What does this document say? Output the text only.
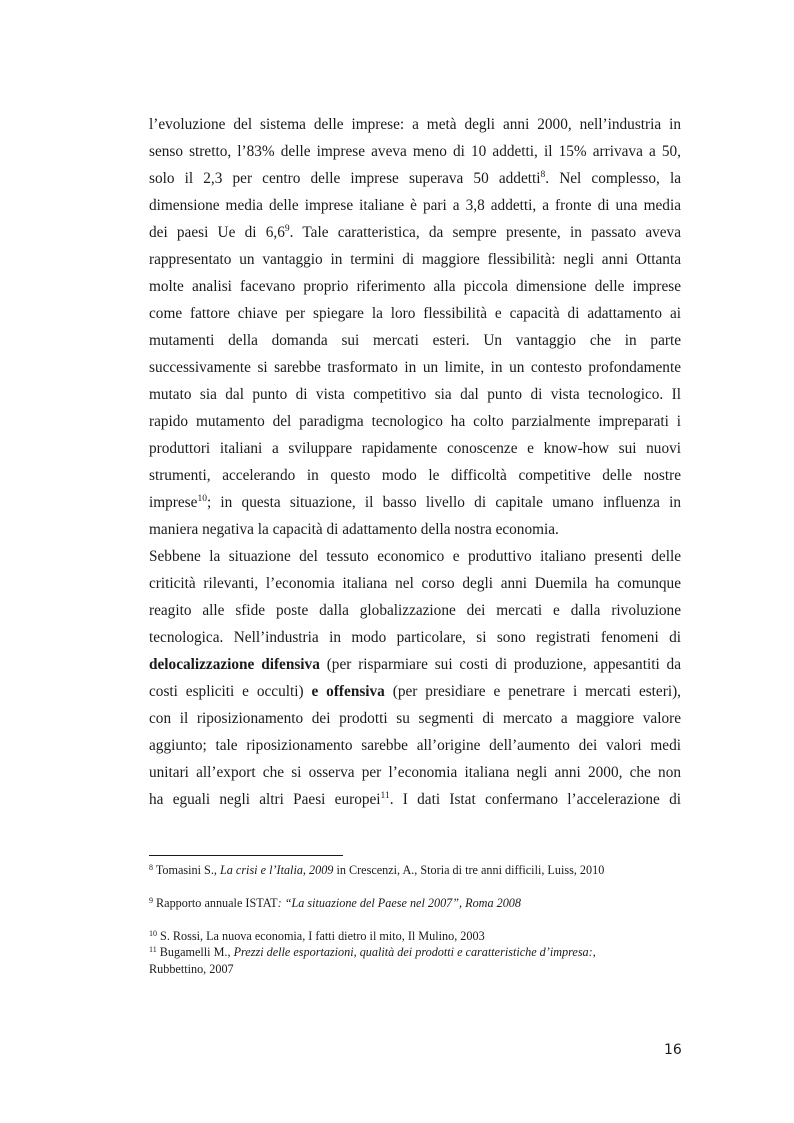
l’evoluzione del sistema delle imprese: a metà degli anni 2000, nell’industria in
senso stretto, l’83% delle imprese aveva meno di 10 addetti, il 15% arrivava a 50,
solo il 2,3 per centro delle imprese superava 50 addetti$^8$. Nel complesso, la
dimensione media delle imprese italiane è pari a 3,8 addetti, a fronte di una media
dei paesi Ue di $6,6^9$. Tale caratteristica, da sempre presente, in passato aveva
rappresentato un vantaggio in termini di maggiore flessibilità: negli anni Ottanta
molte analisi facevano proprio riferimento alla piccola dimensione delle imprese
come fattore chiave per spiegare la loro flessibilità e capacità di adattamento ai
mutamenti della domanda sui mercati esteri. Un vantaggio che in parte
successivamente si sarebbe trasformato in un limite, in un contesto profondamente
mutato sia dal punto di vista competitivo sia dal punto di vista tecnologico. Il
rapido mutamento del paradigma tecnologico ha colto parzialmente impreparati i
produttori italiani a sviluppare rapidamente conoscenze e know-how sui nuovi
strumenti, accelerando in questo modo le difficoltà competitive delle nostre
imprese$^{10}$; in questa situazione, il basso livello di capitale umano influenza in
maniera negativa la capacità di adattamento della nostra economia.
Sebbene la situazione del tessuto economico e produttivo italiano presenti delle
criticità rilevanti, l’economia italiana nel corso degli anni Duemila ha comunque
reagito alle sfide poste dalla globalizzazione dei mercati e dalla rivoluzione
tecnologica. Nell’industria in modo particolare, si sono registrati fenomeni di
delocalizzazione difensiva (per risparmiare sui costi di produzione, appesantiti da
costi espliciti e occulti) e offensiva (per presidiare e penetrare i mercati esteri),
con il riposizionamento dei prodotti su segmenti di mercato a maggiore valore
aggiunto; tale riposizionamento sarebbe all’origine dell’aumento dei valori medi
unitari all’export che si osserva per l’economia italiana negli anni 2000, che non
ha eguali negli altri Paesi europei$^{11}$. I dati Istat confermano l’accelerazione di
$^8$ Tomasini S., La crisi e l’Italia, 2009 in Crescenzi, A., Storia di tre anni difficili, Luiss, 2010
$^9$ Rapporto annuale ISTAT: “La situazione del Paese nel 2007”, Roma 2008
$^{10}$ S. Rossi, La nuova economia, I fatti dietro il mito, Il Mulino, 2003
$^{11}$ Bugamelli M., Prezzi delle esportazioni, qualità dei prodotti e caratteristiche d’impresa:,
Rubbettino, 2007
16
